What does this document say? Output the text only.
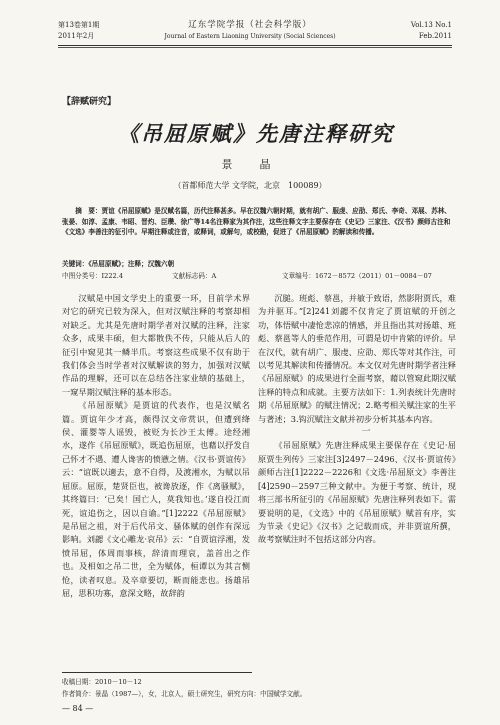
第13卷第1期
2011年2月
辽东学院学报（社会科学版）
Journal of Eastern Liaoning University (Social Sciences)
Vol.13 No.1
Feb.2011
【辞赋研究】
《吊屈原赋》先唐注释研究
景　晶
（首都师范大学 文学院，北京　100089）
摘　要：贾谊《吊屈原赋》是汉赋名篇，历代注释甚多。早在汉魏六朝时期，就有胡广、服虔、应劭、郑氏、李奇、邓展、苏林、张晏、如淳、孟康、韦昭、晋灼、臣瓒、徐广等14名注释家为其作注，这些注释文字主要保存在《史记》三家注、《汉书》颜师古注和《文选》李善注的征引中。早期注释或注音，或释词，或解句，或校勘，促进了《吊屈原赋》的解读和传播。
关键词：《吊屈原赋》；注释；汉魏六朝
中图分类号：I222.4	文献标志码：A	文章编号：1672－8572（2011）01－0084－07

汉赋是中国文学史上的重要一环，目前学术界对它的研究已较为深入，但对汉赋注释的考察却相对缺乏。尤其是先唐时期学者对汉赋的注释，注家众多，成果丰硕，但大都散佚不传，只能从后人的征引中窥见其一鳞半爪。考察这些成果不仅有助于我们体会当时学者对汉赋解读的努力，加强对汉赋作品的理解，还可以在总结各注家业绩的基础上，一窥早期汉赋注释的基本形态。

《吊屈原赋》是贾谊的代表作，也是汉赋名篇。贾谊年少才高，颇得汉文帝赏识，但遭到绛侯、灌婴等人谣毁，被贬为长沙王太傅。途经湘水，遂作《吊屈原赋》，既追伤屈原，也藉以抒发自己怀才不遇、遭人谗害的愤懑之情。《汉书·贾谊传》云：“谊既以適去，意不自得，及渡湘水，为赋以吊屈原。屈原，楚贤臣也，被谗放逐，作《离骚赋》，其终篇曰：‘已矣！国亡人，莫我知也。’遂自投江而死，谊追伤之，因以自谕。”[1]2222《吊屈原赋》是吊屈之祖，对于后代吊文、骚体赋的创作有深远影响。刘勰《文心雕龙·哀吊》云：“自贾谊浮湘，发愤吊屈，体周而事核，辞清而理哀，盖首出之作也。及相如之吊二世，全为赋体，桓谭以为其言恻怆，读者叹息。及卒章要切，断而能悲也。扬雄吊屈，思积功寡，意深文略，故辞韵

沉膇。班彪、蔡邕，并敏于致语，然影附贾氏，难为并驱耳。”[2]241刘勰不仅肯定了贾谊赋的开创之功，体悟赋中凄怆悲凉的情感，并且指出其对扬雄、班彪、蔡邕等人的垂范作用，可谓是切中肯綮的评价。早在汉代，就有胡广、服虔、应劭、郑氏等对其作注，可以考见其解读和传播情况。本文仅对先唐时期学者注释《吊屈原赋》的成果进行全面考察，藉以管窥此期汉赋注释的特点和成就。主要方法如下：1.列表统计先唐时期《吊屈原赋》的赋注情况；2.略考相关赋注家的生平与著述；3.钩沉赋注文献并初步分析其基本内容。

一

《吊屈原赋》先唐注释成果主要保存在《史记·屈原贾生列传》三家注[3]2497－2496、《汉书·贾谊传》颜师古注[1]2222－2226和《文选·吊屈原文》李善注[4]2590－2597三种文献中。为便于考察、统计，现将三部书所征引的《吊屈原赋》先唐注释列表如下。需要说明的是，《文选》中的《吊屈原赋》赋首有序，实为节录《史记》《汉书》之记载而成，并非贾谊所撰，故考察赋注时不包括这部分内容。

收稿日期：2010－10－12
作者简介：景晶（1987—），女，北京人，硕士研究生，研究方向：中国赋学文献。
— 84 —
